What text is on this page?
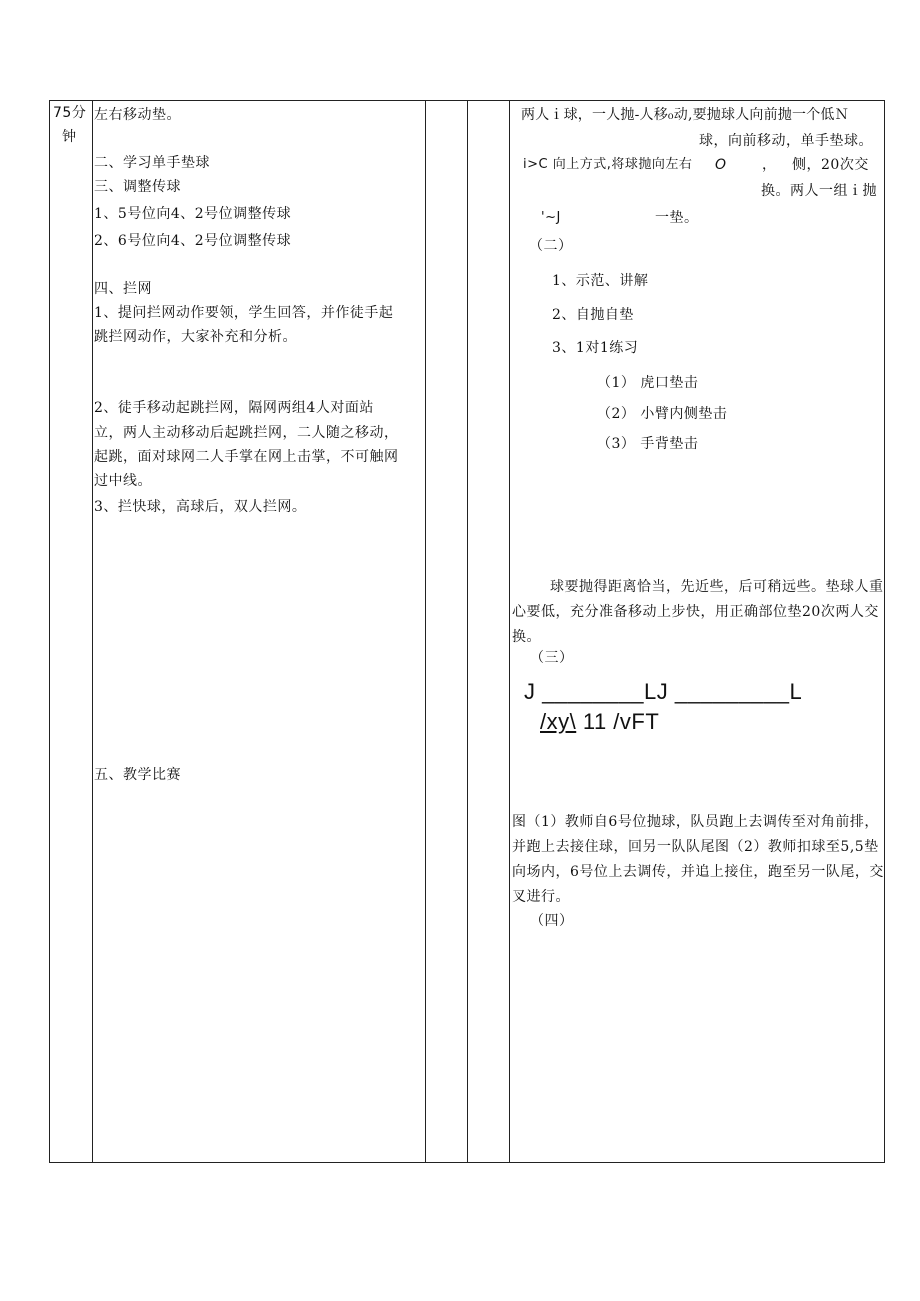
75分
钟
左右移动垫。
二、学习单手垫球
三、调整传球
1、5号位向4、2号位调整传球
2、6号位向4、2号位调整传球
四、拦网
1、提问拦网动作要领，学生回答，并作徒手起
跳拦网动作，大家补充和分析。
2、徒手移动起跳拦网，隔网两组4人对面站
立，两人主动移动后起跳拦网，二人随之移动，
起跳，面对球网二人手掌在网上击掌，不可触网
过中线。
3、拦快球，高球后，双人拦网。
五、教学比赛
两人ｉ球，一人抛-人移₀动,要抛球人向前抛一个低Ｎ
球，向前移动，单手垫球。
i>C 向上方式,将球抛向左右 O	， 侧，20次交
换。两人一组ｉ抛
'~J	一垫。
（二）
1、示范、讲解
2、自抛自垫
3、1对1练习
（1） 虎口垫击
（2） 小臂内侧垫击
（3） 手背垫击
球要抛得距离恰当，先近些，后可稍远些。垫球人重心要低，充分准备移动上步快，用正确部位垫20次两人交换。
（三）
J ________LJ _________L
/xy\ 11 /vFT
图（1）教师自6号位抛球，队员跑上去调传至对角前排，并跑上去接住球，回另一队队尾图（2）教师扣球至5,5垫向场内，6号位上去调传，并追上接住，跑至另一队尾，交叉进行。
（四）
